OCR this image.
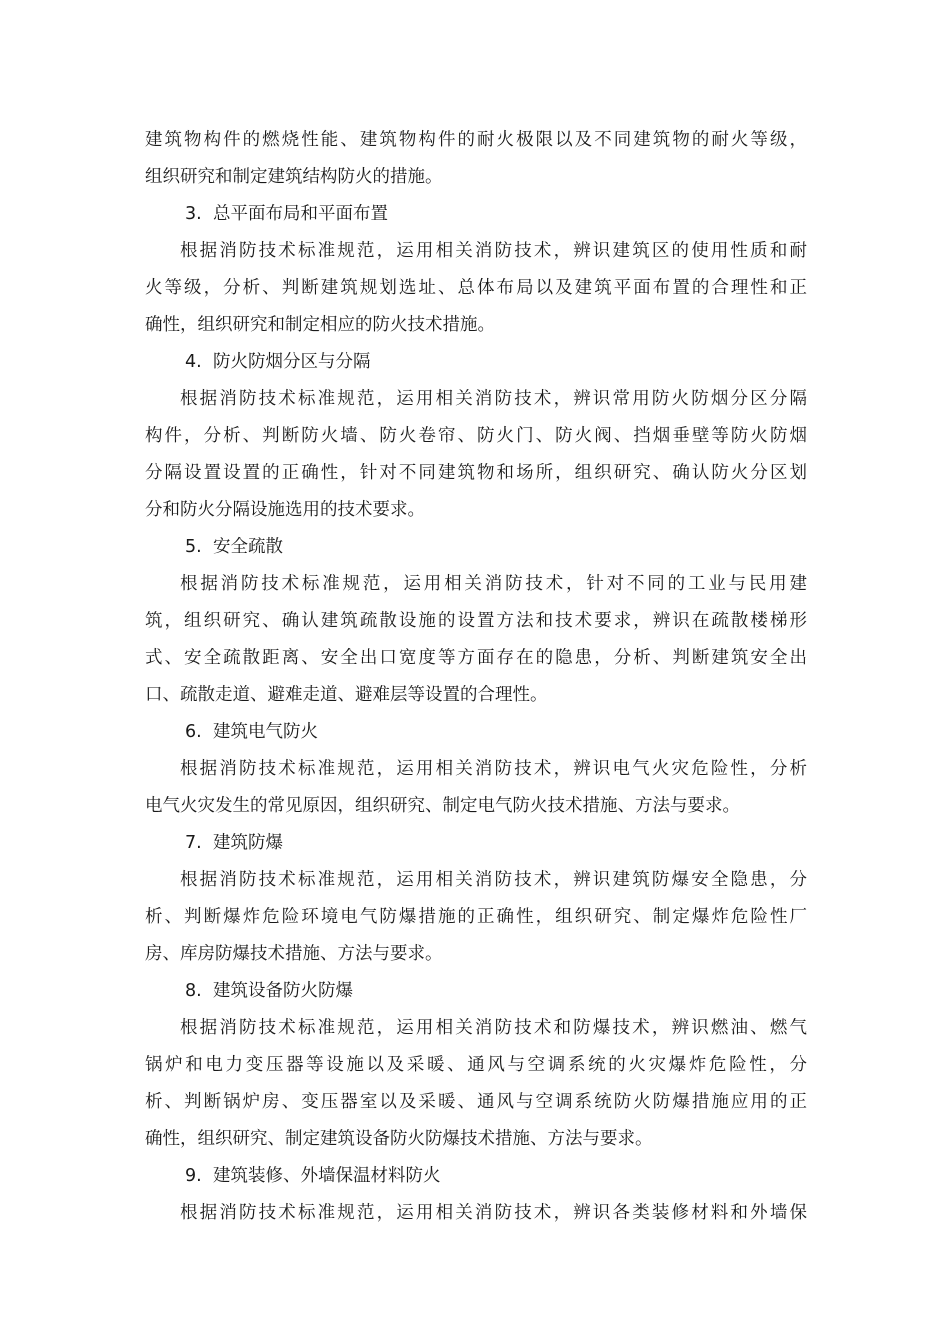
建筑物构件的燃烧性能、建筑物构件的耐火极限以及不同建筑物的耐火等级，
组织研究和制定建筑结构防火的措施。

3. 总平面布局和平面布置

根据消防技术标准规范，运用相关消防技术，辨识建筑区的使用性质和耐
火等级，分析、判断建筑规划选址、总体布局以及建筑平面布置的合理性和正
确性，组织研究和制定相应的防火技术措施。

4. 防火防烟分区与分隔

根据消防技术标准规范，运用相关消防技术，辨识常用防火防烟分区分隔
构件，分析、判断防火墙、防火卷帘、防火门、防火阀、挡烟垂壁等防火防烟
分隔设置设置的正确性，针对不同建筑物和场所，组织研究、确认防火分区划
分和防火分隔设施选用的技术要求。

5. 安全疏散

根据消防技术标准规范，运用相关消防技术，针对不同的工业与民用建
筑，组织研究、确认建筑疏散设施的设置方法和技术要求，辨识在疏散楼梯形
式、安全疏散距离、安全出口宽度等方面存在的隐患，分析、判断建筑安全出
口、疏散走道、避难走道、避难层等设置的合理性。

6. 建筑电气防火

根据消防技术标准规范，运用相关消防技术，辨识电气火灾危险性，分析
电气火灾发生的常见原因，组织研究、制定电气防火技术措施、方法与要求。

7. 建筑防爆

根据消防技术标准规范，运用相关消防技术，辨识建筑防爆安全隐患，分
析、判断爆炸危险环境电气防爆措施的正确性，组织研究、制定爆炸危险性厂
房、库房防爆技术措施、方法与要求。

8. 建筑设备防火防爆

根据消防技术标准规范，运用相关消防技术和防爆技术，辨识燃油、燃气
锅炉和电力变压器等设施以及采暖、通风与空调系统的火灾爆炸危险性，分
析、判断锅炉房、变压器室以及采暖、通风与空调系统防火防爆措施应用的正
确性，组织研究、制定建筑设备防火防爆技术措施、方法与要求。

9. 建筑装修、外墙保温材料防火

根据消防技术标准规范，运用相关消防技术，辨识各类装修材料和外墙保
